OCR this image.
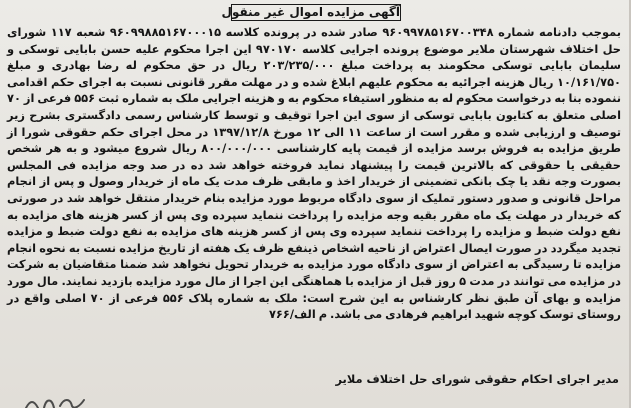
آگهی مزایده اموال غیر منقول
بموجب دادنامه شماره ۹۶۰۹۹۷۸۵۱۶۷۰۰۳۴۸ صادر شده در پرونده کلاسه ۹۶۰۹۹۸۸۵۱۶۷۰۰۰۱۵ شعبه ۱۱۷ شورای حل اختلاف شهرستان ملایر موضوع پرونده اجرایی کلاسه ۹۷۰۱۷۰ این اجرا محکوم علیه حسن بابایی توسکی و سلیمان بابایی توسکی محکومند به پرداخت مبلغ ۲۰۳/۲۳۵/۰۰۰ ریال در حق محکوم له رضا بهادری و مبلغ ۱۰/۱۶۱/۷۵۰ ریال هزینه اجرائیه به محکوم علیهم ابلاغ شده و در مهلت مقرر قانونی نسبت به اجرای حکم اقدامی ننموده بنا به درخواست محکوم له به منظور استیفاء محکوم به و هزینه اجرایی ملک به شماره ثبت ۵۵۶ فرعی از ۷۰ اصلی متعلق به کتایون بابایی توسکی از سوی این اجرا توقیف و توسط کارشناس رسمی دادگستری بشرح زیر توصیف و ارزیابی شده و مقرر است از ساعت ۱۱ الی ۱۲ مورخ ۱۳۹۷/۱۲/۸ در محل اجرای حکم حقوقی شورا از طریق مزایده به فروش برسد مزایده از قیمت پایه کارشناسی ۸۰۰/۰۰۰/۰۰۰ ریال شروع میشود و به هر شخص حقیقی یا حقوقی که بالاترین قیمت را پیشنهاد نماید فروخته خواهد شد ده در صد وجه مزایده فی المجلس بصورت وجه نقد یا چک بانکی تضمینی از خریدار اخذ و مابقی ظرف مدت یک ماه از خریدار وصول و پس از انجام مراحل قانونی و صدور دستور تملیک از سوی دادگاه مربوط مورد مزایده بنام خریدار منتقل خواهد شد در صورتی که خریدار در مهلت یک ماه مقرر بقیه وجه مزایده را پرداخت ننماید سپرده وی پس از کسر هزینه های مزایده به نفع دولت ضبط و مزایده را پرداخت ننماید سپرده وی پس از کسر هزینه های مزایده به نفع دولت ضبط و مزایده تجدید میگردد در صورت ایصال اعتراض از ناحیه اشخاص ذینفع ظرف یک هفته از تاریخ مزایده نسبت به نحوه انجام مزایده تا رسیدگی به اعتراض از سوی دادگاه مورد مزایده به خریدار تحویل نخواهد شد ضمنا متقاضیان به شرکت در مزایده می توانند در مدت ۵ روز قبل از مزایده با هماهنگی این اجرا از مال مورد مزایده بازدید نمایند. مال مورد مزایده و بهای آن طبق نظر کارشناس به این شرح است: ملک به شماره پلاک ۵۵۶ فرعی از ۷۰ اصلی واقع در روستای توسک کوچه شهید ابراهیم فرهادی می باشد. م الف/۷۶۶
مدیر اجرای احکام حقوقی شورای حل اختلاف ملایر
